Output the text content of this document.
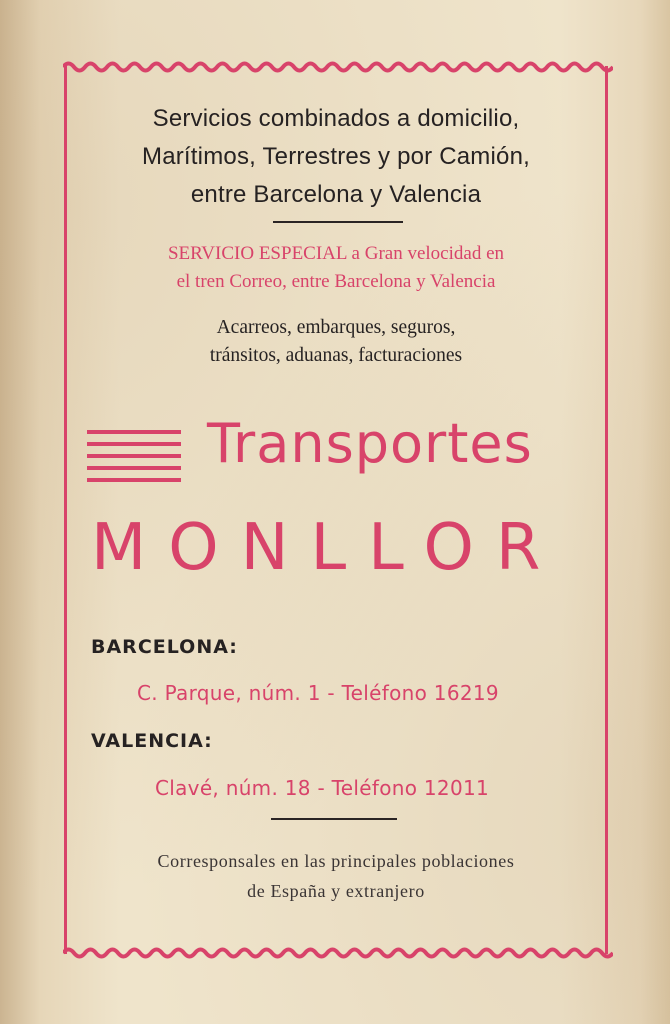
Servicios combinados a domicilio,
Marítimos, Terrestres y por Camión,
entre Barcelona y Valencia
SERVICIO ESPECIAL a Gran velocidad en
el tren Correo, entre Barcelona y Valencia
Acarreos, embarques, seguros,
tránsitos, aduanas, facturaciones
Transportes
MONLLOR
BARCELONA:
C. Parque, núm. 1 - Teléfono 16219
VALENCIA:
Clavé, núm. 18 - Teléfono 12011
Corresponsales en las principales poblaciones
de España y extranjero
